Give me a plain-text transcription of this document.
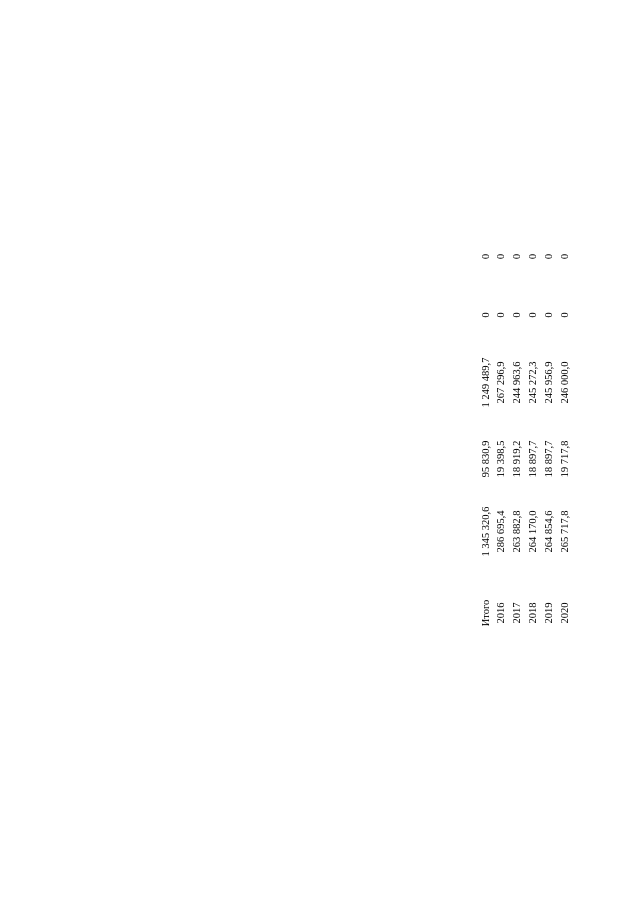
Итого
1 345 320,6
95 830,9
1 249 489,7
0
0
2016
286 695,4
19 398,5
267 296,9
0
0
2017
263 882,8
18 919,2
244 963,6
0
0
2018
264 170,0
18 897,7
245 272,3
0
0
2019
264 854,6
18 897,7
245 956,9
0
0
2020
265 717,8
19 717,8
246 000,0
0
0
